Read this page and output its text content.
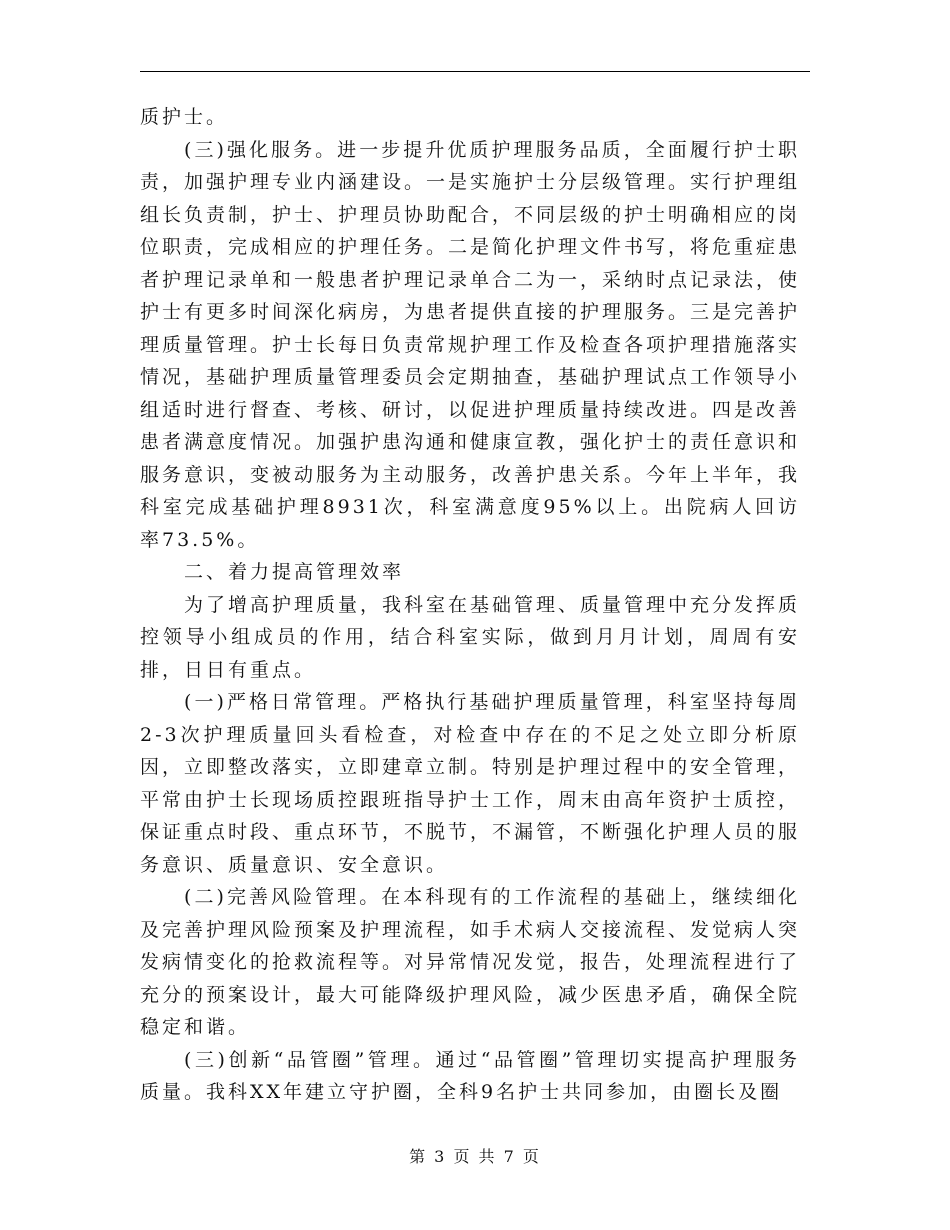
质护士。

(三)强化服务。进一步提升优质护理服务品质，全面履行护士职责，加强护理专业内涵建设。一是实施护士分层级管理。实行护理组组长负责制，护士、护理员协助配合，不同层级的护士明确相应的岗位职责，完成相应的护理任务。二是简化护理文件书写，将危重症患者护理记录单和一般患者护理记录单合二为一，采纳时点记录法，使护士有更多时间深化病房，为患者提供直接的护理服务。三是完善护理质量管理。护士长每日负责常规护理工作及检查各项护理措施落实情况，基础护理质量管理委员会定期抽查，基础护理试点工作领导小组适时进行督查、考核、研讨，以促进护理质量持续改进。四是改善患者满意度情况。加强护患沟通和健康宣教，强化护士的责任意识和服务意识，变被动服务为主动服务，改善护患关系。今年上半年，我科室完成基础护理8931次，科室满意度95%以上。出院病人回访率73.5%。

二、着力提高管理效率

为了增高护理质量，我科室在基础管理、质量管理中充分发挥质控领导小组成员的作用，结合科室实际，做到月月计划，周周有安排，日日有重点。

(一)严格日常管理。严格执行基础护理质量管理，科室坚持每周2-3次护理质量回头看检查，对检查中存在的不足之处立即分析原因，立即整改落实，立即建章立制。特别是护理过程中的安全管理，平常由护士长现场质控跟班指导护士工作，周末由高年资护士质控，保证重点时段、重点环节，不脱节，不漏管，不断强化护理人员的服务意识、质量意识、安全意识。

(二)完善风险管理。在本科现有的工作流程的基础上，继续细化及完善护理风险预案及护理流程，如手术病人交接流程、发觉病人突发病情变化的抢救流程等。对异常情况发觉，报告，处理流程进行了充分的预案设计，最大可能降级护理风险，减少医患矛盾，确保全院稳定和谐。

(三)创新“品管圈”管理。通过“品管圈”管理切实提高护理服务质量。我科XX年建立守护圈，全科9名护士共同参加，由圈长及圈

第 3 页 共 7 页
